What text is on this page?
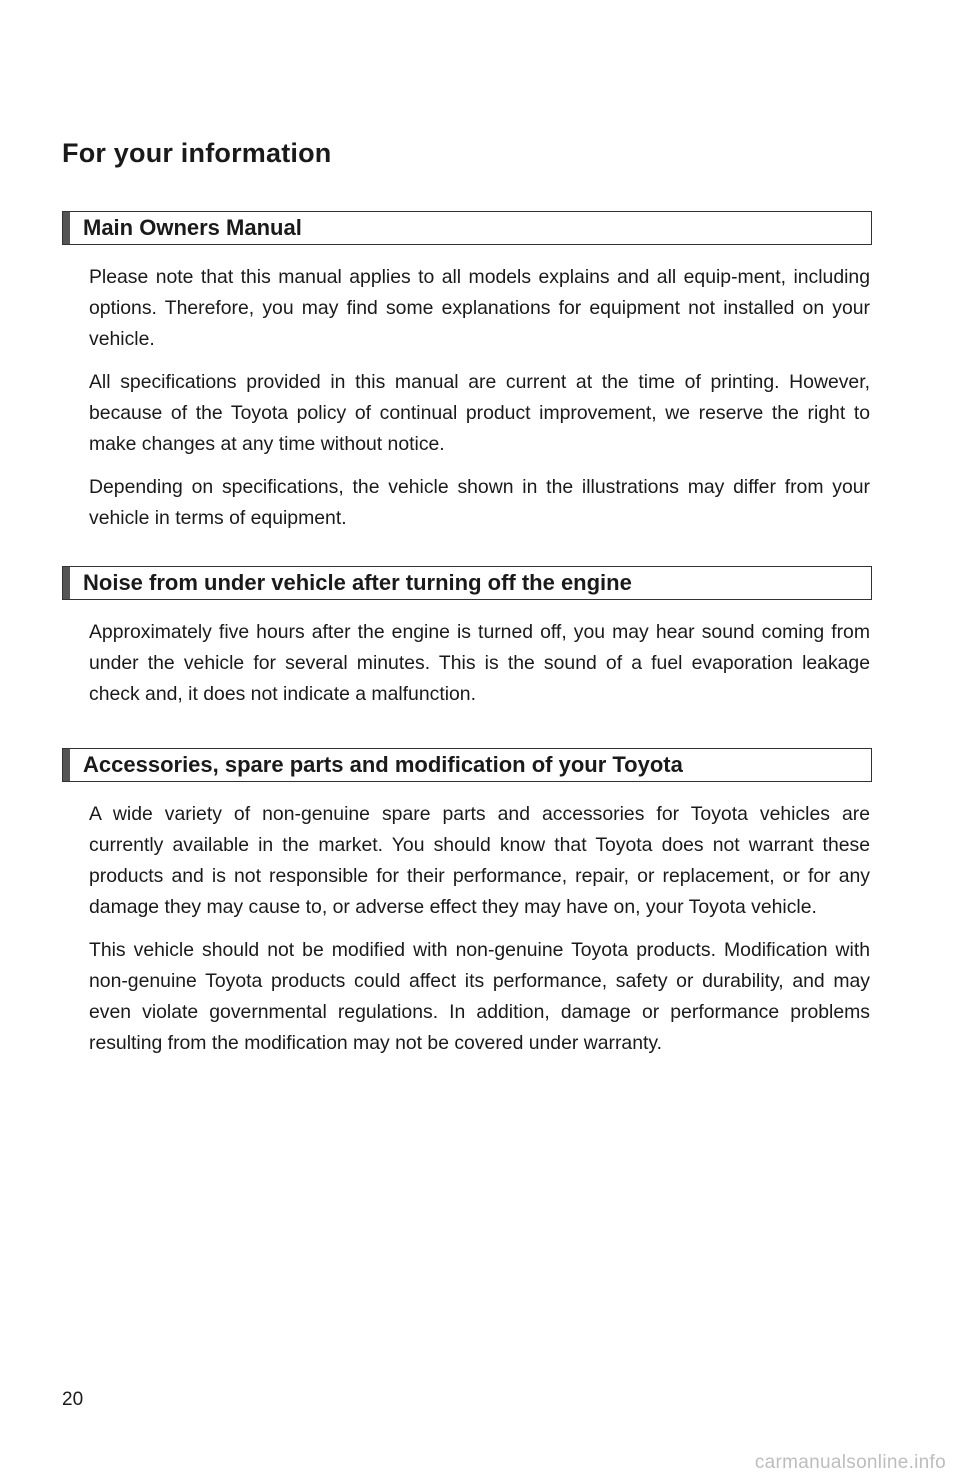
For your information
Main Owners Manual

Please note that this manual applies to all models explains and all equip-ment, including options. Therefore, you may find some explanations for equipment not installed on your vehicle.

All specifications provided in this manual are current at the time of printing. However, because of the Toyota policy of continual product improvement, we reserve the right to make changes at any time without notice.

Depending on specifications, the vehicle shown in the illustrations may differ from your vehicle in terms of equipment.

Noise from under vehicle after turning off the engine

Approximately five hours after the engine is turned off, you may hear sound coming from under the vehicle for several minutes. This is the sound of a fuel evaporation leakage check and, it does not indicate a malfunction.

Accessories, spare parts and modification of your Toyota

A wide variety of non-genuine spare parts and accessories for Toyota vehicles are currently available in the market. You should know that Toyota does not warrant these products and is not responsible for their performance, repair, or replacement, or for any damage they may cause to, or adverse effect they may have on, your Toyota vehicle.

This vehicle should not be modified with non-genuine Toyota products. Modification with non-genuine Toyota products could affect its performance, safety or durability, and may even violate governmental regulations. In addition, damage or performance problems resulting from the modification may not be covered under warranty.

20
carmanualsonline.info
